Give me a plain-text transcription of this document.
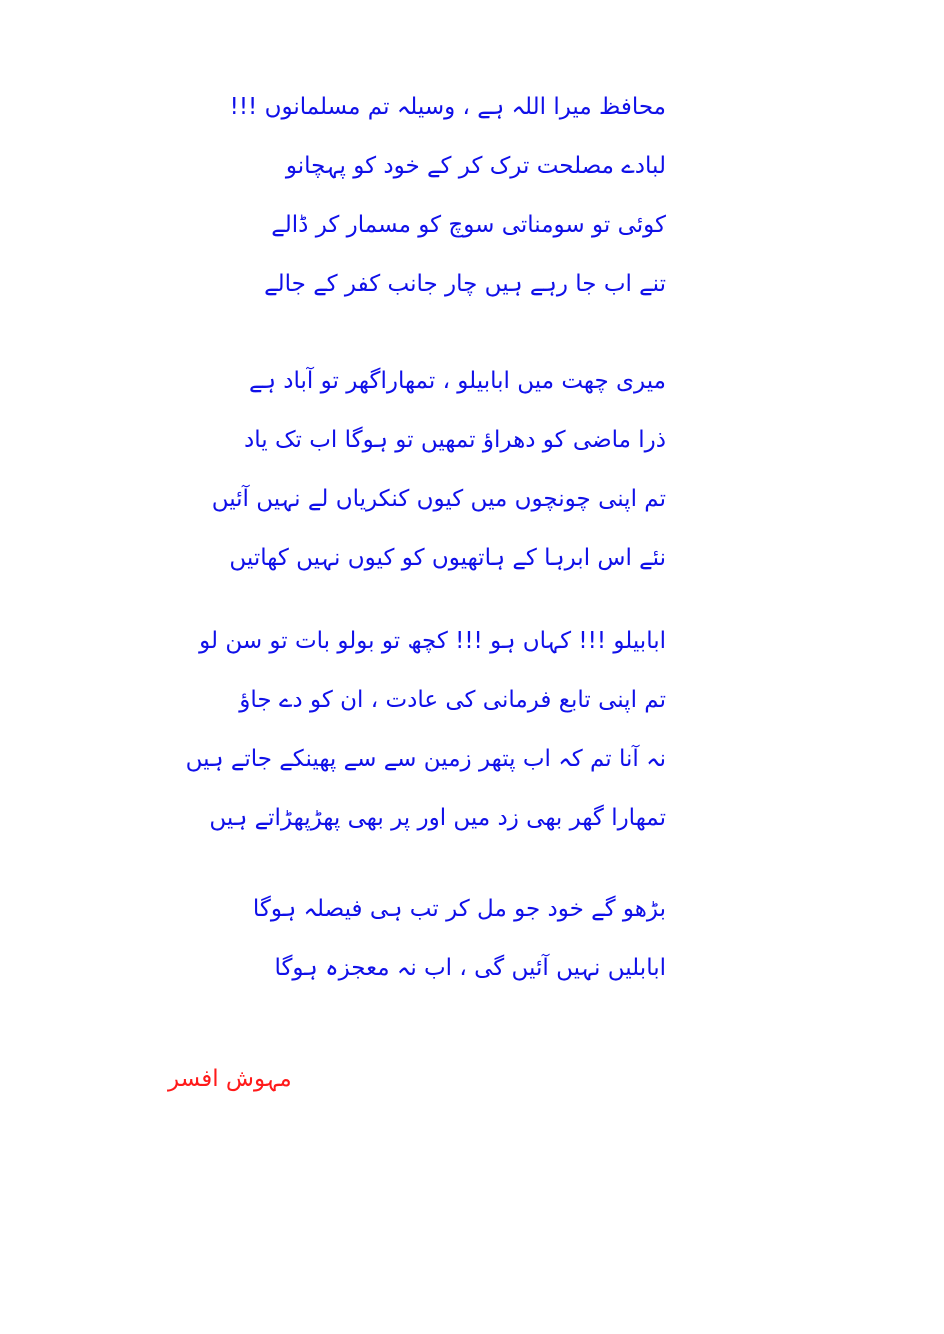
محافظ میرا اللہ ہے ، وسیلہ تم مسلمانوں !!!
لبادے مصلحت ترک کر کے خود کو پہچانو
کوئی تو سومناتی سوچ کو مسمار کر ڈالے
تنے اب جا رہے ہیں چار جانب کفر کے جالے
میری چھت میں ابابیلو ، تمھاراگھر تو آباد ہے
ذرا ماضی کو دھراؤ تمھیں تو ہوگا اب تک یاد
تم اپنی چونچوں میں کیوں کنکریاں لے نہیں آئیں
نئے اس ابرہا کے ہاتھیوں کو کیوں نہیں کھاتیں
ابابیلو !!! کہاں ہو !!! کچھ تو بولو بات تو سن لو
تم اپنی تابع فرمانی کی عادت ، ان کو دے جاؤ
نہ آنا تم کہ اب پتھر زمین سے سے پھینکے جاتے ہیں
تمھارا گھر بھی زد میں اور پر بھی پھڑپھڑاتے ہیں
بڑھو گے خود جو مل کر تب ہی فیصلہ ہوگا
ابابلیں نہیں آئیں گی ، اب نہ معجزہ ہوگا
مہوش افسر
